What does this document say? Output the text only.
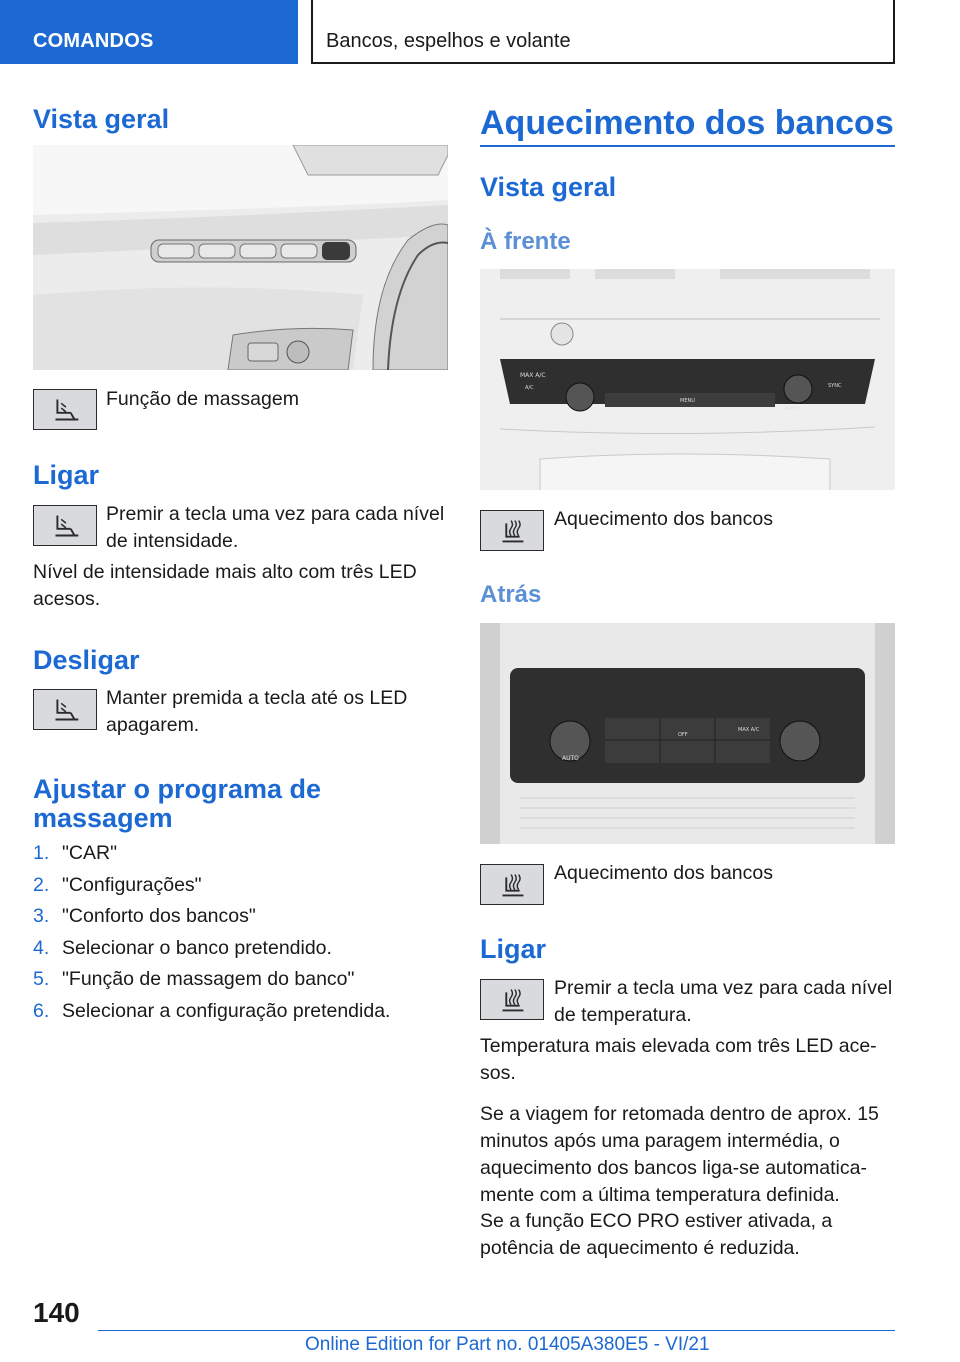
COMANDOS	Bancos, espelhos e volante
Vista geral
Função de massagem
Ligar
Premir a tecla uma vez para cada nível de intensidade.
Nível de intensidade mais alto com três LED acesos.
Desligar
Manter premida a tecla até os LED apagarem.
Ajustar o programa de massagem
1. "CAR"
2. "Configurações"
3. "Conforto dos bancos"
4. Selecionar o banco pretendido.
5. "Função de massagem do banco"
6. Selecionar a configuração pretendida.
Aquecimento dos bancos
Vista geral
À frente
MAX A/C
A/C
MENU
AUTO
SYNC
Aquecimento dos bancos
Atrás
AUTO
OFF
MAX A/C
Aquecimento dos bancos
Ligar
Premir a tecla uma vez para cada nível de temperatura.
Temperatura mais elevada com três LED acesos.
Se a viagem for retomada dentro de aprox. 15 minutos após uma paragem intermédia, o aquecimento dos bancos liga-se automaticamente com a última temperatura definida.
Se a função ECO PRO estiver ativada, a potência de aquecimento é reduzida.
140
Online Edition for Part no. 01405A380E5 - VI/21
